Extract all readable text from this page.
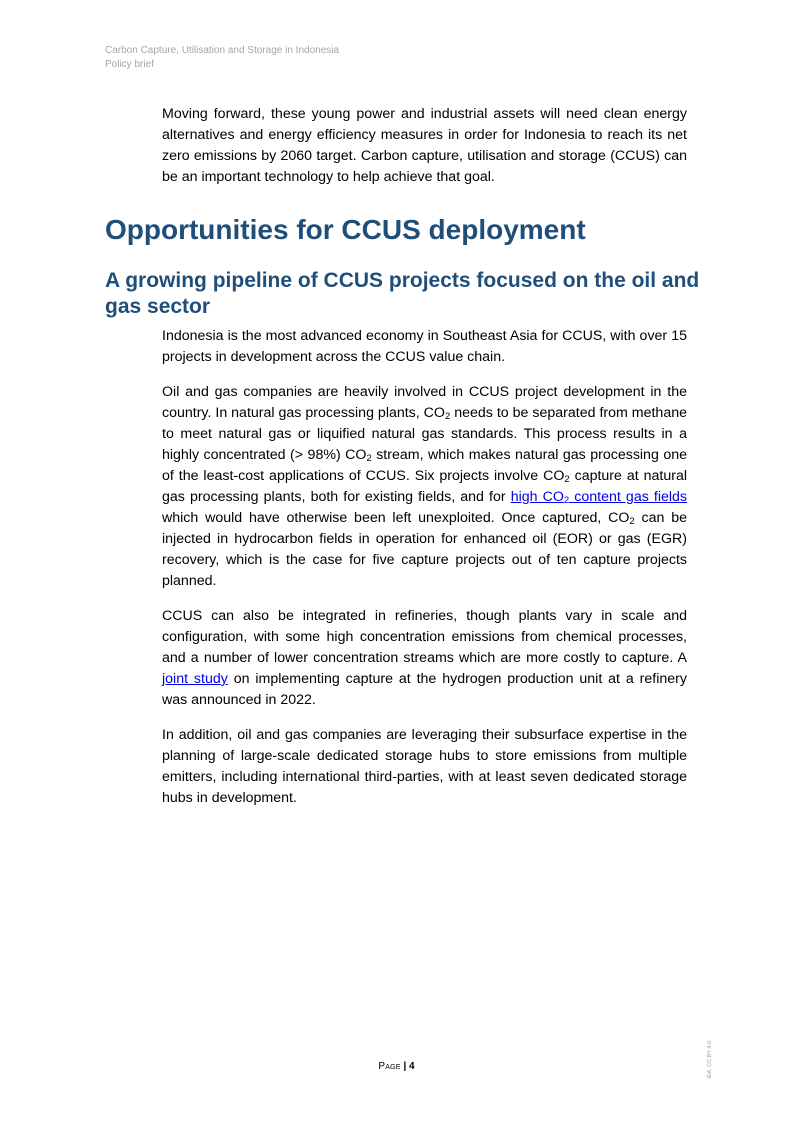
Carbon Capture, Utilisation and Storage in Indonesia
Policy brief

Moving forward, these young power and industrial assets will need clean energy alternatives and energy efficiency measures in order for Indonesia to reach its net zero emissions by 2060 target. Carbon capture, utilisation and storage (CCUS) can be an important technology to help achieve that goal.

Opportunities for CCUS deployment
A growing pipeline of CCUS projects focused on the oil and gas sector

Indonesia is the most advanced economy in Southeast Asia for CCUS, with over 15 projects in development across the CCUS value chain.

Oil and gas companies are heavily involved in CCUS project development in the country. In natural gas processing plants, $CO_2$ needs to be separated from methane to meet natural gas or liquified natural gas standards. This process results in a highly concentrated (> 98%) $CO_2$ stream, which makes natural gas processing one of the least-cost applications of CCUS. Six projects involve $CO_2$ capture at natural gas processing plants, both for existing fields, and for high $CO_2$ content gas fields which would have otherwise been left unexploited. Once captured, $CO_2$ can be injected in hydrocarbon fields in operation for enhanced oil (EOR) or gas (EGR) recovery, which is the case for five capture projects out of ten capture projects planned.

CCUS can also be integrated in refineries, though plants vary in scale and configuration, with some high concentration emissions from chemical processes, and a number of lower concentration streams which are more costly to capture. A joint study on implementing capture at the hydrogen production unit at a refinery was announced in 2022.

In addition, oil and gas companies are leveraging their subsurface expertise in the planning of large-scale dedicated storage hubs to store emissions from multiple emitters, including international third-parties, with at least seven dedicated storage hubs in development.

Page | 4	IEA. CC BY 4.0.
